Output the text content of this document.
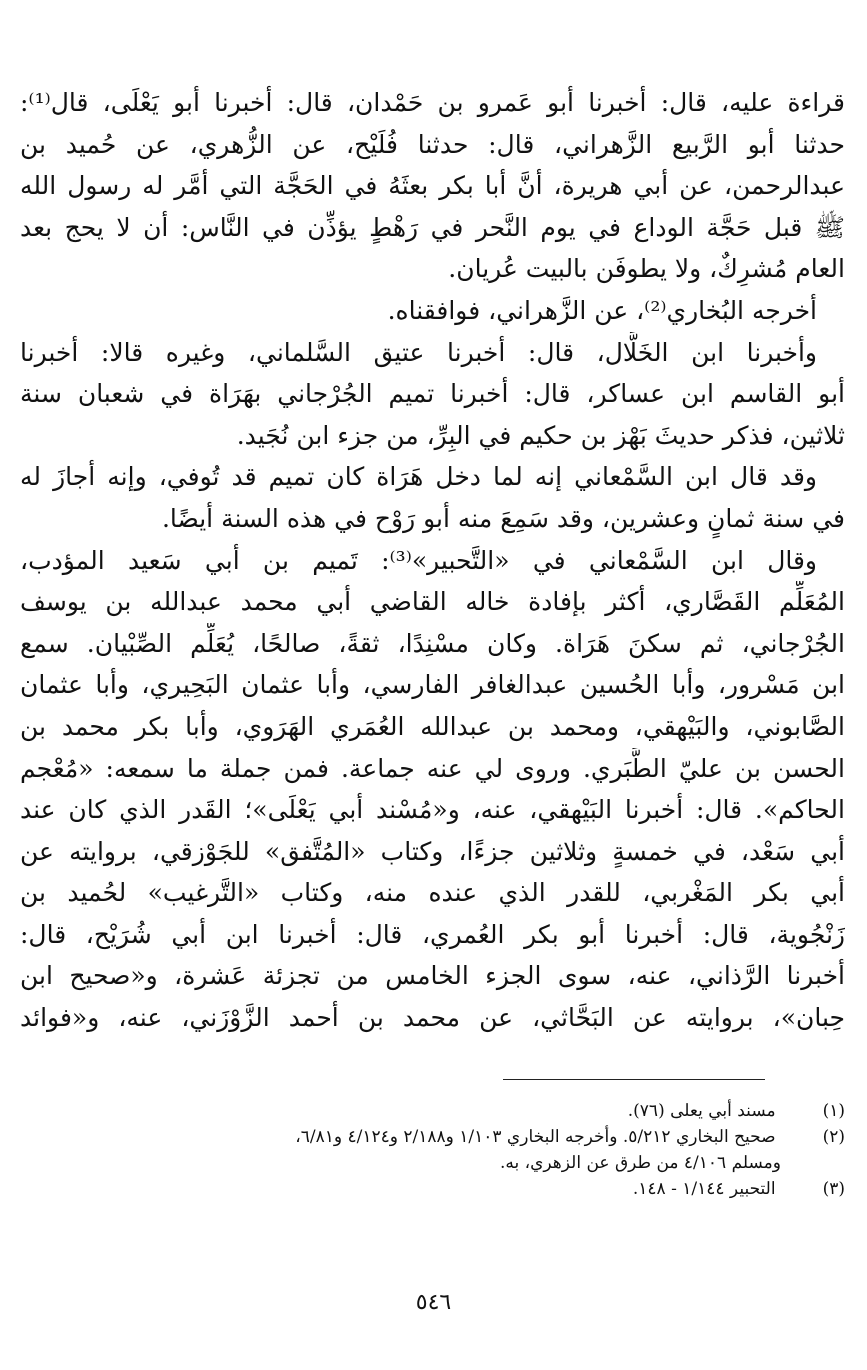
قراءة عليه، قال: أخبرنا أبو عَمرو بن حَمْدان، قال: أخبرنا أبو يَعْلَى، قال⁽¹⁾:
حدثنا أبو الرَّبيع الزَّهراني، قال: حدثنا فُلَيْح، عن الزُّهري، عن حُميد بن
عبدالرحمن، عن أبي هريرة، أنَّ أبا بكر بعثَهُ في الحَجَّة التي أمَّر له رسول الله
ﷺ قبل حَجَّة الوداع في يوم النَّحر في رَهْطٍ يؤذِّن في النَّاس: أن لا يحج بعد
العام مُشرِكٌ، ولا يطوفَن بالبيت عُريان.
أخرجه البُخاري⁽²⁾، عن الزَّهراني، فوافقناه.
وأخبرنا ابن الخَلَّال، قال: أخبرنا عتيق السَّلماني، وغيره قالا: أخبرنا
أبو القاسم ابن عساكر، قال: أخبرنا تميم الجُرْجاني بهَرَاة في شعبان سنة
ثلاثين، فذكر حديثَ بَهْز بن حكيم في البِرِّ، من جزء ابن نُجَيد.
وقد قال ابن السَّمْعاني إنه لما دخل هَرَاة كان تميم قد تُوفي، وإنه أجازَ له
في سنة ثمانٍ وعشرين، وقد سَمِعَ منه أبو رَوْح في هذه السنة أيضًا.
وقال ابن السَّمْعاني في «التَّحبير»⁽³⁾: تَميم بن أبي سَعيد المؤدب،
المُعَلِّم القَصَّاري، أكثر بإفادة خاله القاضي أبي محمد عبدالله بن يوسف
الجُرْجاني، ثم سكنَ هَرَاة. وكان مسْنِدًا، ثقةً، صالحًا، يُعَلِّم الصِّبْيان. سمع
ابن مَسْرور، وأبا الحُسين عبدالغافر الفارسي، وأبا عثمان البَحِيري، وأبا عثمان
الصَّابوني، والبَيْهقي، ومحمد بن عبدالله العُمَري الهَرَوي، وأبا بكر محمد بن
الحسن بن عليّ الطَّبَري. وروى لي عنه جماعة. فمن جملة ما سمعه: «مُعْجم
الحاكم». قال: أخبرنا البَيْهقي، عنه، و«مُسْند أبي يَعْلَى»؛ القَدر الذي كان عند
أبي سَعْد، في خمسةٍ وثلاثين جزءًا، وكتاب «المُتَّفق» للجَوْزقي، بروايته عن
أبي بكر المَغْربي، للقدر الذي عنده منه، وكتاب «التَّرغيب» لحُميد بن
زَنْجُوية، قال: أخبرنا أبو بكر العُمري، قال: أخبرنا ابن أبي شُرَيْح، قال:
أخبرنا الرَّذاني، عنه، سوى الجزء الخامس من تجزئة عَشرة، و«صحيح ابن
حِبان»، بروايته عن البَحَّاثي، عن محمد بن أحمد الزَّوْزَني، عنه، و«فوائد
(١) مسند أبي يعلى (٧٦).
(٢) صحيح البخاري ٥/٢١٢. وأخرجه البخاري ١/١٠٣ و٢/١٨٨ و٤/١٢٤ و٦/٨١،
ومسلم ٤/١٠٦ من طرق عن الزهري، به.
(٣) التحبير ١/١٤٤ - ١٤٨.
٥٤٦
